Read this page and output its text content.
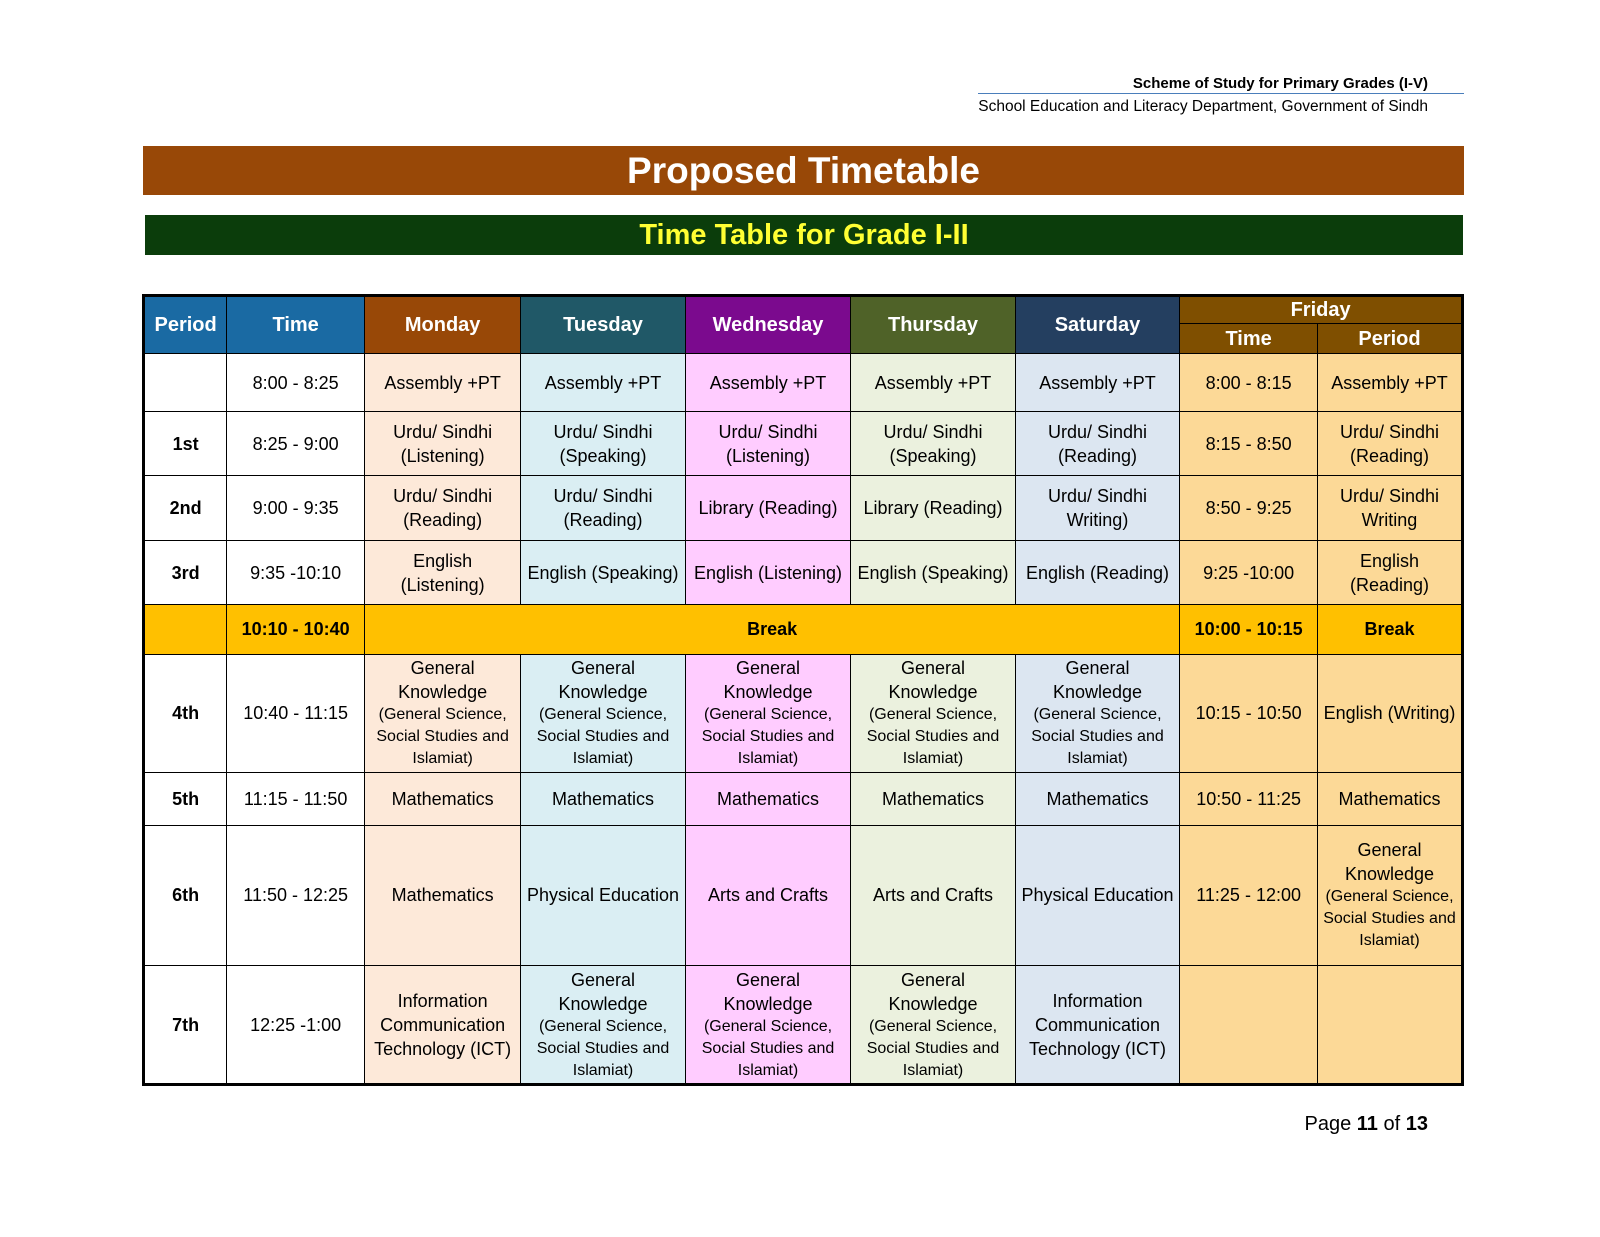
Scheme of Study for Primary Grades (I-V)
School Education and Literacy Department, Government of Sindh
Proposed Timetable
Time Table for Grade I-II
Period	Time	Monday	Tuesday	Wednesday	Thursday	Saturday	Friday	
							Time	Period
	8:00 - 8:25	Assembly +PT	Assembly +PT	Assembly +PT	Assembly +PT	Assembly +PT	8:00 - 8:15	Assembly +PT
1st	8:25 - 9:00	Urdu/ Sindhi (Listening)	Urdu/ Sindhi (Speaking)	Urdu/ Sindhi (Listening)	Urdu/ Sindhi (Speaking)	Urdu/ Sindhi (Reading)	8:15 - 8:50	Urdu/ Sindhi (Reading)
2nd	9:00 - 9:35	Urdu/ Sindhi (Reading)	Urdu/ Sindhi (Reading)	Library (Reading)	Library (Reading)	Urdu/ Sindhi Writing)	8:50 - 9:25	Urdu/ Sindhi Writing
3rd	9:35 -10:10	English (Listening)	English (Speaking)	English (Listening)	English (Speaking)	English (Reading)	9:25 -10:00	English (Reading)
	10:10 - 10:40	Break					10:00 - 10:15	Break
4th	10:40 - 11:15	General Knowledge
(General Science, Social Studies and Islamiat)	General Knowledge
(General Science, Social Studies and Islamiat)	General Knowledge
(General Science, Social Studies and Islamiat)	General Knowledge
(General Science, Social Studies and Islamiat)	General Knowledge
(General Science, Social Studies and Islamiat)	10:15 - 10:50	English (Writing)
5th	11:15 - 11:50	Mathematics	Mathematics	Mathematics	Mathematics	Mathematics	10:50 - 11:25	Mathematics
6th	11:50 - 12:25	Mathematics	Physical Education	Arts and Crafts	Arts and Crafts	Physical Education	11:25 - 12:00	General Knowledge
(General Science, Social Studies and Islamiat)

7th	12:25 -1:00	Information Communication Technology (ICT)	General Knowledge
(General Science, Social Studies and Islamiat)	General Knowledge
(General Science, Social Studies and Islamiat)	General Knowledge
(General Science, Social Studies and Islamiat)	Information Communication Technology (ICT)		
Page 11 of 13
